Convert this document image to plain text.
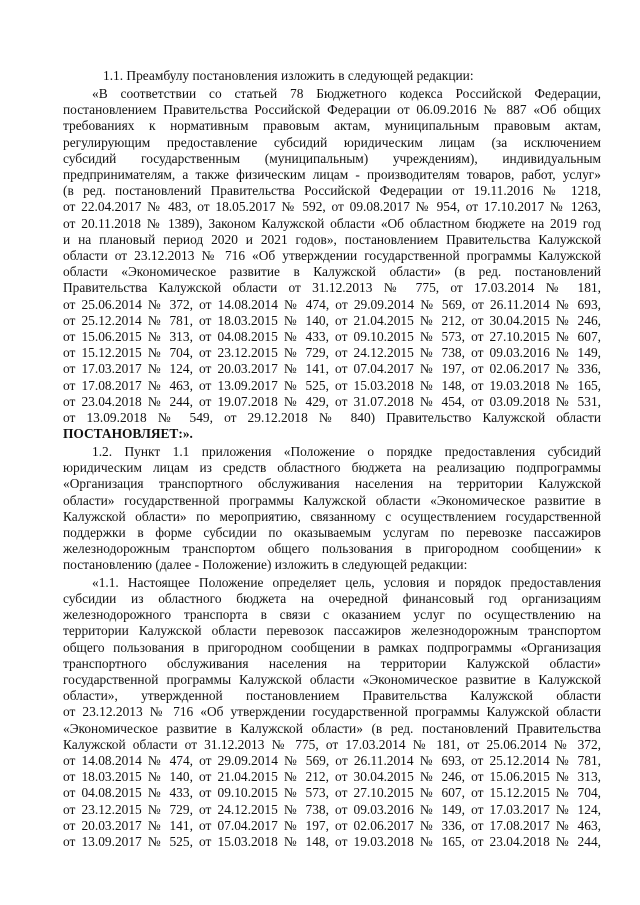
1.1. Преамбулу постановления изложить в следующей редакции:
«В соответствии со статьей 78 Бюджетного кодекса Российской Федерации,
постановлением Правительства Российской Федерации от 06.09.2016 № 887 «Об общих
требованиях к нормативным правовым актам, муниципальным правовым актам,
регулирующим предоставление субсидий юридическим лицам (за исключением
субсидий государственным (муниципальным) учреждениям), индивидуальным
предпринимателям, а также физическим лицам - производителям товаров, работ, услуг»
(в ред. постановлений Правительства Российской Федерации от 19.11.2016 № 1218,
от 22.04.2017 № 483, от 18.05.2017 № 592, от 09.08.2017 № 954, от 17.10.2017 № 1263,
от 20.11.2018 № 1389), Законом Калужской области «Об областном бюджете на 2019 год
и на плановый период 2020 и 2021 годов», постановлением Правительства Калужской
области от 23.12.2013 № 716 «Об утверждении государственной программы Калужской
области «Экономическое развитие в Калужской области» (в ред. постановлений
Правительства Калужской области от 31.12.2013 № 775, от 17.03.2014 № 181,
от 25.06.2014 № 372, от 14.08.2014 № 474, от 29.09.2014 № 569, от 26.11.2014 № 693,
от 25.12.2014 № 781, от 18.03.2015 № 140, от 21.04.2015 № 212, от 30.04.2015 № 246,
от 15.06.2015 № 313, от 04.08.2015 № 433, от 09.10.2015 № 573, от 27.10.2015 № 607,
от 15.12.2015 № 704, от 23.12.2015 № 729, от 24.12.2015 № 738, от 09.03.2016 № 149,
от 17.03.2017 № 124, от 20.03.2017 № 141, от 07.04.2017 № 197, от 02.06.2017 № 336,
от 17.08.2017 № 463, от 13.09.2017 № 525, от 15.03.2018 № 148, от 19.03.2018 № 165,
от 23.04.2018 № 244, от 19.07.2018 № 429, от 31.07.2018 № 454, от 03.09.2018 № 531,
от 13.09.2018 № 549, от 29.12.2018 № 840) Правительство Калужской области
ПОСТАНОВЛЯЕТ:».
1.2. Пункт 1.1 приложения «Положение о порядке предоставления субсидий
юридическим лицам из средств областного бюджета на реализацию подпрограммы
«Организация транспортного обслуживания населения на территории Калужской
области» государственной программы Калужской области «Экономическое развитие в
Калужской области» по мероприятию, связанному с осуществлением государственной
поддержки в форме субсидии по оказываемым услугам по перевозке пассажиров
железнодорожным транспортом общего пользования в пригородном сообщении» к
постановлению (далее - Положение) изложить в следующей редакции:
«1.1. Настоящее Положение определяет цель, условия и порядок предоставления
субсидии из областного бюджета на очередной финансовый год организациям
железнодорожного транспорта в связи с оказанием услуг по осуществлению на
территории Калужской области перевозок пассажиров железнодорожным транспортом
общего пользования в пригородном сообщении в рамках подпрограммы «Организация
транспортного обслуживания населения на территории Калужской области»
государственной программы Калужской области «Экономическое развитие в Калужской
области», утвержденной постановлением Правительства Калужской области
от 23.12.2013 № 716 «Об утверждении государственной программы Калужской области
«Экономическое развитие в Калужской области» (в ред. постановлений Правительства
Калужской области от 31.12.2013 № 775, от 17.03.2014 № 181, от 25.06.2014 № 372,
от 14.08.2014 № 474, от 29.09.2014 № 569, от 26.11.2014 № 693, от 25.12.2014 № 781,
от 18.03.2015 № 140, от 21.04.2015 № 212, от 30.04.2015 № 246, от 15.06.2015 № 313,
от 04.08.2015 № 433, от 09.10.2015 № 573, от 27.10.2015 № 607, от 15.12.2015 № 704,
от 23.12.2015 № 729, от 24.12.2015 № 738, от 09.03.2016 № 149, от 17.03.2017 № 124,
от 20.03.2017 № 141, от 07.04.2017 № 197, от 02.06.2017 № 336, от 17.08.2017 № 463,
от 13.09.2017 № 525, от 15.03.2018 № 148, от 19.03.2018 № 165, от 23.04.2018 № 244,
